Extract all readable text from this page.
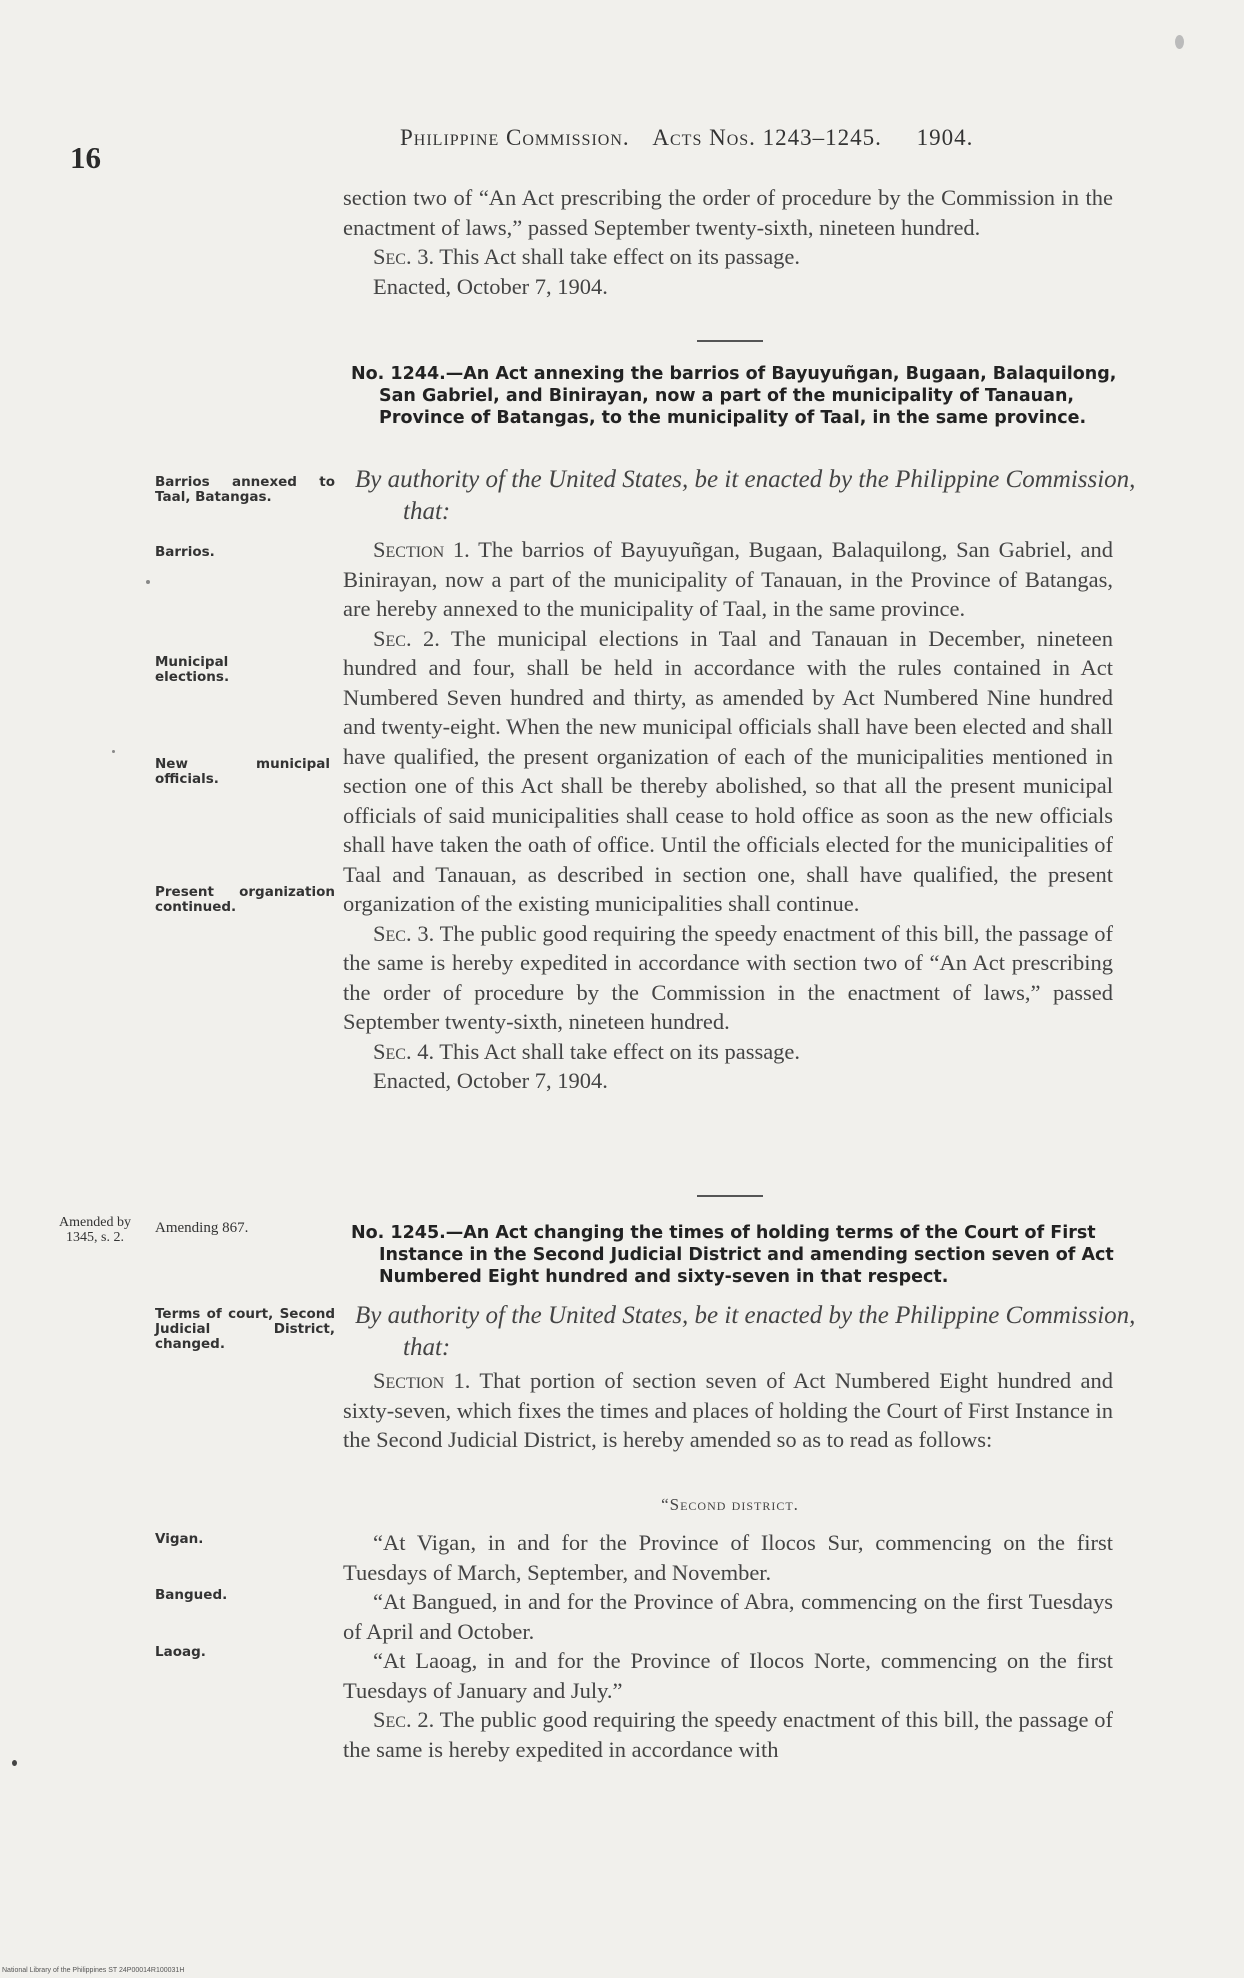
16
Philippine Commission. Acts Nos. 1243–1245. 1904.

section two of “An Act prescribing the order of procedure by the Commission in the enactment of laws,” passed September twenty-sixth, nineteen hundred.

Sec. 3. This Act shall take effect on its passage.

Enacted, October 7, 1904.

No. 1244.—An Act annexing the barrios of Bayuyuñgan, Bugaan, Balaquilong, San Gabriel, and Binirayan, now a part of the municipality of Tanauan, Province of Batangas, to the municipality of Taal, in the same province.
Barrios annexed to Taal, Batangas.
By authority of the United States, be it enacted by the Philippine Commission, that:
Barrios.
Municipal elections.
New municipal officials.
Present organization continued.

Section 1. The barrios of Bayuyuñgan, Bugaan, Balaquilong, San Gabriel, and Binirayan, now a part of the municipality of Tanauan, in the Province of Batangas, are hereby annexed to the municipality of Taal, in the same province.

Sec. 2. The municipal elections in Taal and Tanauan in December, nineteen hundred and four, shall be held in accordance with the rules contained in Act Numbered Seven hundred and thirty, as amended by Act Numbered Nine hundred and twenty-eight. When the new municipal officials shall have been elected and shall have qualified, the present organization of each of the municipalities mentioned in section one of this Act shall be thereby abolished, so that all the present municipal officials of said municipalities shall cease to hold office as soon as the new officials shall have taken the oath of office. Until the officials elected for the municipalities of Taal and Tanauan, as described in section one, shall have qualified, the present organization of the existing municipalities shall continue.

Sec. 3. The public good requiring the speedy enactment of this bill, the passage of the same is hereby expedited in accordance with section two of “An Act prescribing the order of procedure by the Commission in the enactment of laws,” passed September twenty-sixth, nineteen hundred.

Sec. 4. This Act shall take effect on its passage.

Enacted, October 7, 1904.

Amended by 1345, s. 2.
Amending 867.	No. 1245.—An Act changing the times of holding terms of the Court of First Instance in the Second Judicial District and amending section seven of Act Numbered Eight hundred and sixty-seven in that respect.
Terms of court, Second Judicial District, changed.
By authority of the United States, be it enacted by the Philippine Commission, that:

Section 1. That portion of section seven of Act Numbered Eight hundred and sixty-seven, which fixes the times and places of holding the Court of First Instance in the Second Judicial District, is hereby amended so as to read as follows:

“Second district.
Vigan.
Bangued.
Laoag.

“At Vigan, in and for the Province of Ilocos Sur, commencing on the first Tuesdays of March, September, and November.

“At Bangued, in and for the Province of Abra, commencing on the first Tuesdays of April and October.

“At Laoag, in and for the Province of Ilocos Norte, commencing on the first Tuesdays of January and July.”

Sec. 2. The public good requiring the speedy enactment of this bill, the passage of the same is hereby expedited in accordance with

National Library of the Philippines ST 24P00014R100031H
